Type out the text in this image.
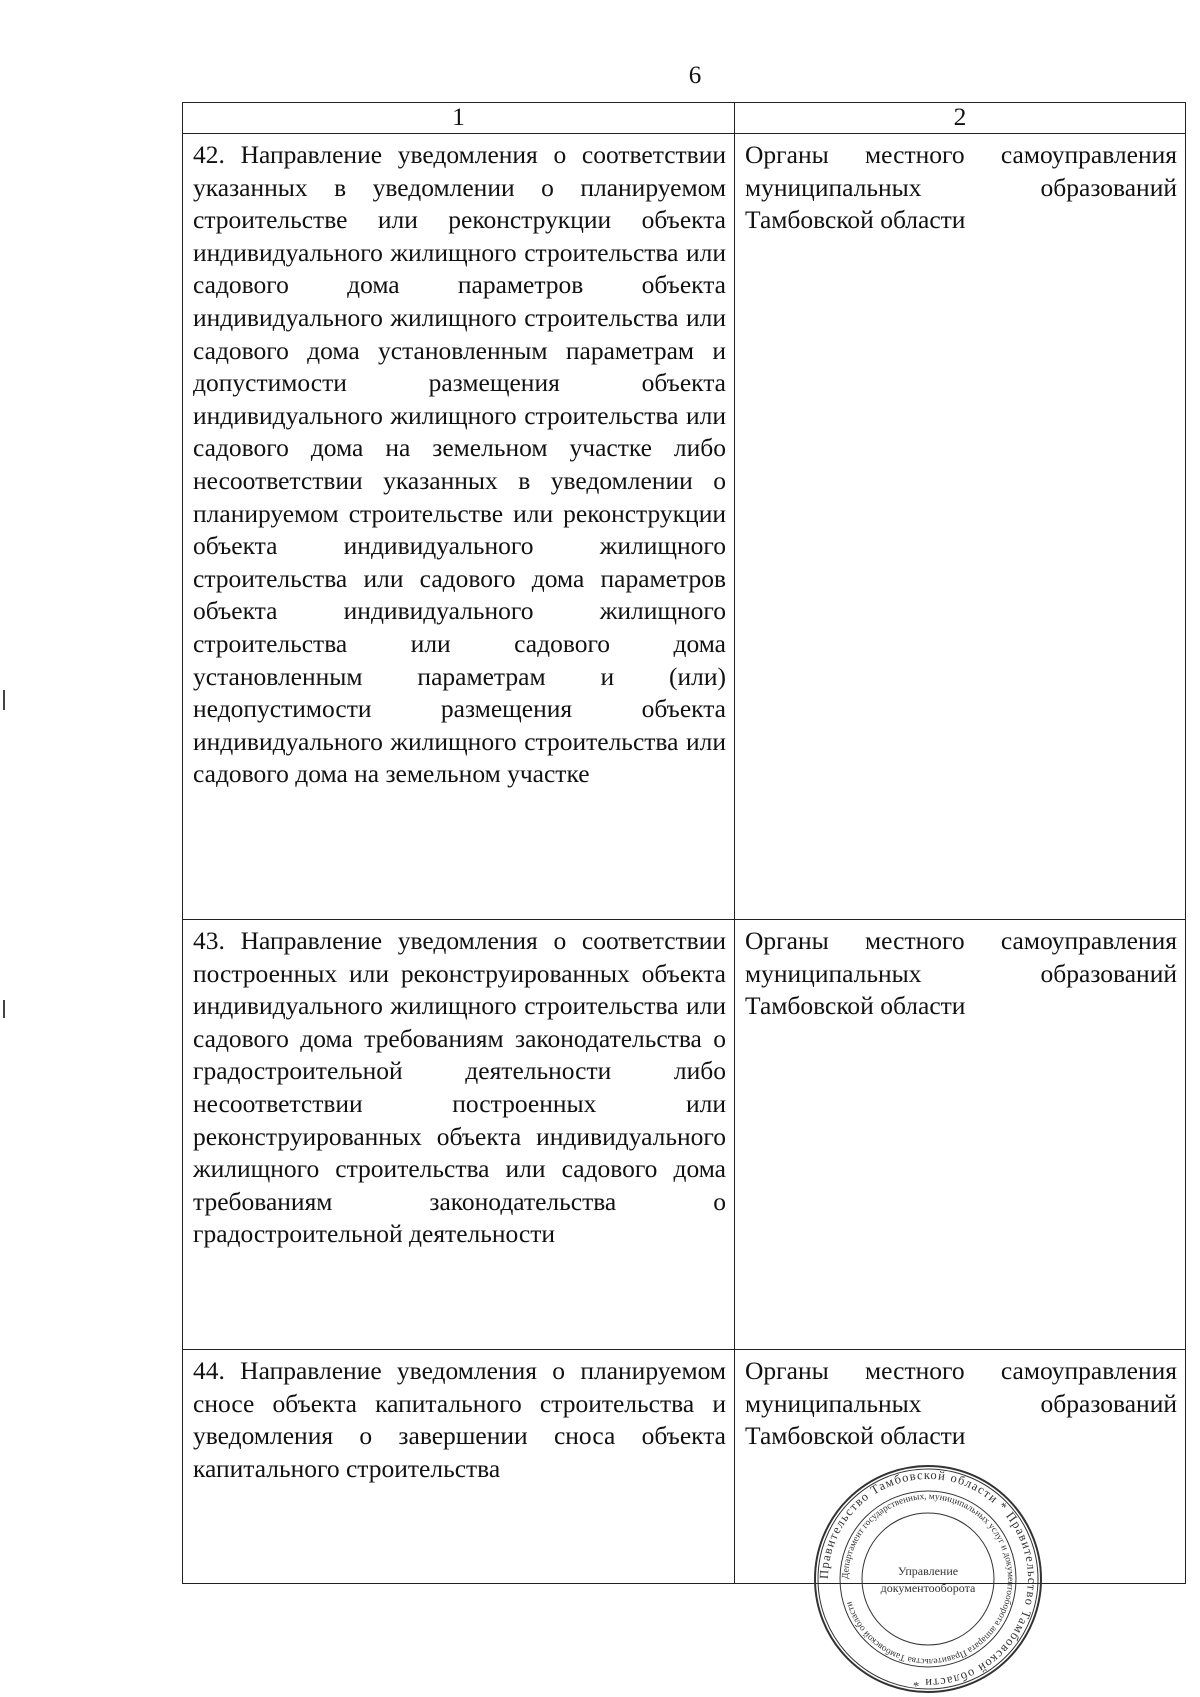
6
1	2
42. Направление уведомления о соответствии указанных в уведомлении о планируемом строительстве или реконструкции объекта индивидуального жилищного строительства или садового дома параметров объекта индивидуального жилищного строительства или садового дома установленным параметрам и допустимости размещения объекта индивидуального жилищного строительства или садового дома на земельном участке либо несоответствии указанных в уведомлении о планируемом строительстве или реконструкции объекта индивидуального жилищного строительства или садового дома параметров объекта индивидуального жилищного строительства или садового дома установленным параметрам и (или) недопустимости размещения объекта индивидуального жилищного строительства или садового дома на земельном участке	Органы местного самоуправления муниципальных образований Тамбовской области
43. Направление уведомления о соответствии построенных или реконструированных объекта индивидуального жилищного строительства или садового дома требованиям законодательства о градостроительной деятельности либо несоответствии построенных или реконструированных объекта индивидуального жилищного строительства или садового дома требованиям законодательства о градостроительной деятельности	Органы местного самоуправления муниципальных образований Тамбовской области
44. Направление уведомления о планируемом сносе объекта капитального строительства и уведомления о завершении сноса объекта капитального строительства	Органы местного самоуправления муниципальных образований Тамбовской области
Правительство Тамбовской области * Правительство Тамбовской области *
Департамент государственных, муниципальных услуг и документооборота аппарата Правительства Тамбовской области
Управление
документооборота
